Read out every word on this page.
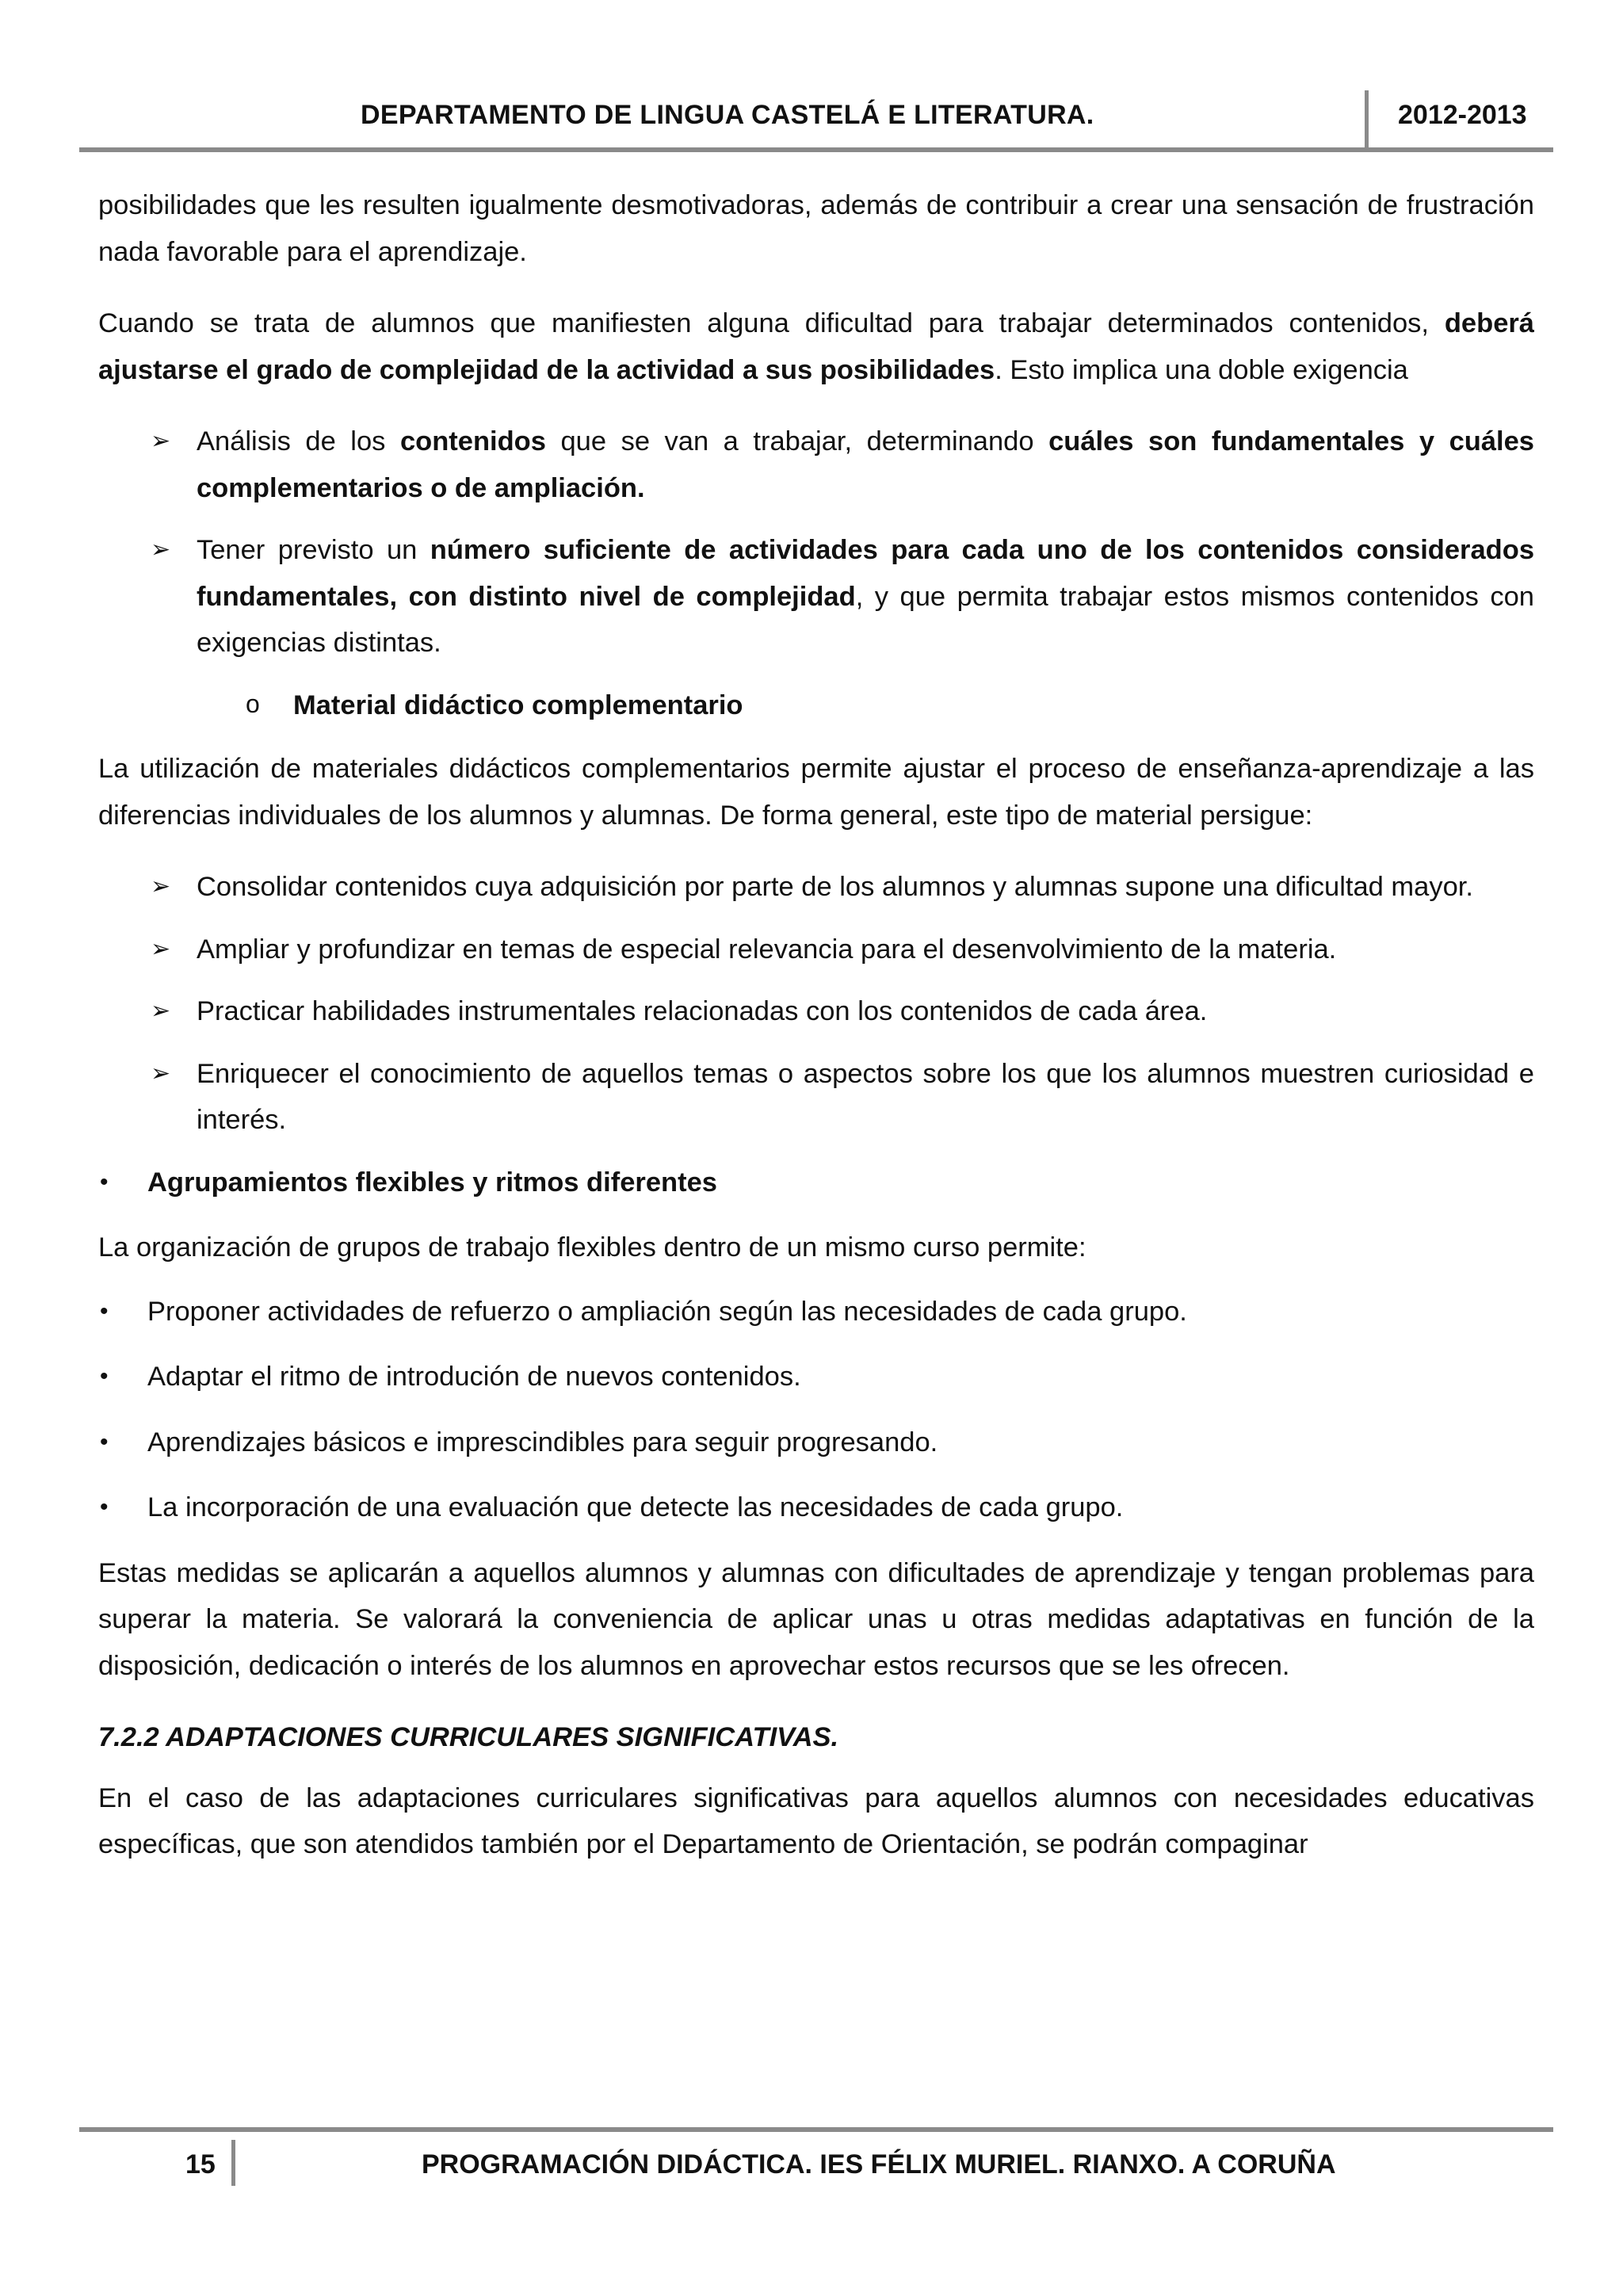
DEPARTAMENTO DE LINGUA CASTELÁ E LITERATURA.	2012-2013

posibilidades que les resulten igualmente desmotivadoras, además de contribuir a crear una sensación de frustración nada favorable para el aprendizaje.

Cuando se trata de alumnos que manifiesten alguna dificultad para trabajar determinados contenidos, deberá ajustarse el grado de complejidad de la actividad a sus posibilidades. Esto implica una doble exigencia

➢ Análisis de los contenidos que se van a trabajar, determinando cuáles son fundamentales y cuáles complementarios o de ampliación.
➢ Tener previsto un número suficiente de actividades para cada uno de los contenidos considerados fundamentales, con distinto nivel de complejidad, y que permita trabajar estos mismos contenidos con exigencias distintas.
o Material didáctico complementario

La utilización de materiales didácticos complementarios permite ajustar el proceso de enseñanza-aprendizaje a las diferencias individuales de los alumnos y alumnas. De forma general, este tipo de material persigue:

➢ Consolidar contenidos cuya adquisición por parte de los alumnos y alumnas supone una dificultad mayor.
➢ Ampliar y profundizar en temas de especial relevancia para el desenvolvimiento de la materia.
➢ Practicar habilidades instrumentales relacionadas con los contenidos de cada área.
➢ Enriquecer el conocimiento de aquellos temas o aspectos sobre los que los alumnos muestren curiosidad e interés.
• Agrupamientos flexibles y ritmos diferentes

La organización de grupos de trabajo flexibles dentro de un mismo curso permite:

• Proponer actividades de refuerzo o ampliación según las necesidades de cada grupo.
• Adaptar el ritmo de introdución de nuevos contenidos.
• Aprendizajes básicos e imprescindibles para seguir progresando.
• La incorporación de una evaluación que detecte las necesidades de cada grupo.

Estas medidas se aplicarán a aquellos alumnos y alumnas con dificultades de aprendizaje y tengan problemas para superar la materia. Se valorará la conveniencia de aplicar unas u otras medidas adaptativas en función de la disposición, dedicación o interés de los alumnos en aprovechar estos recursos que se les ofrecen.

7.2.2 ADAPTACIONES CURRICULARES SIGNIFICATIVAS.

En el caso de las adaptaciones curriculares significativas para aquellos alumnos con necesidades educativas específicas, que son atendidos también por el Departamento de Orientación, se podrán compaginar

15	PROGRAMACIÓN DIDÁCTICA. IES FÉLIX MURIEL. RIANXO. A CORUÑA
